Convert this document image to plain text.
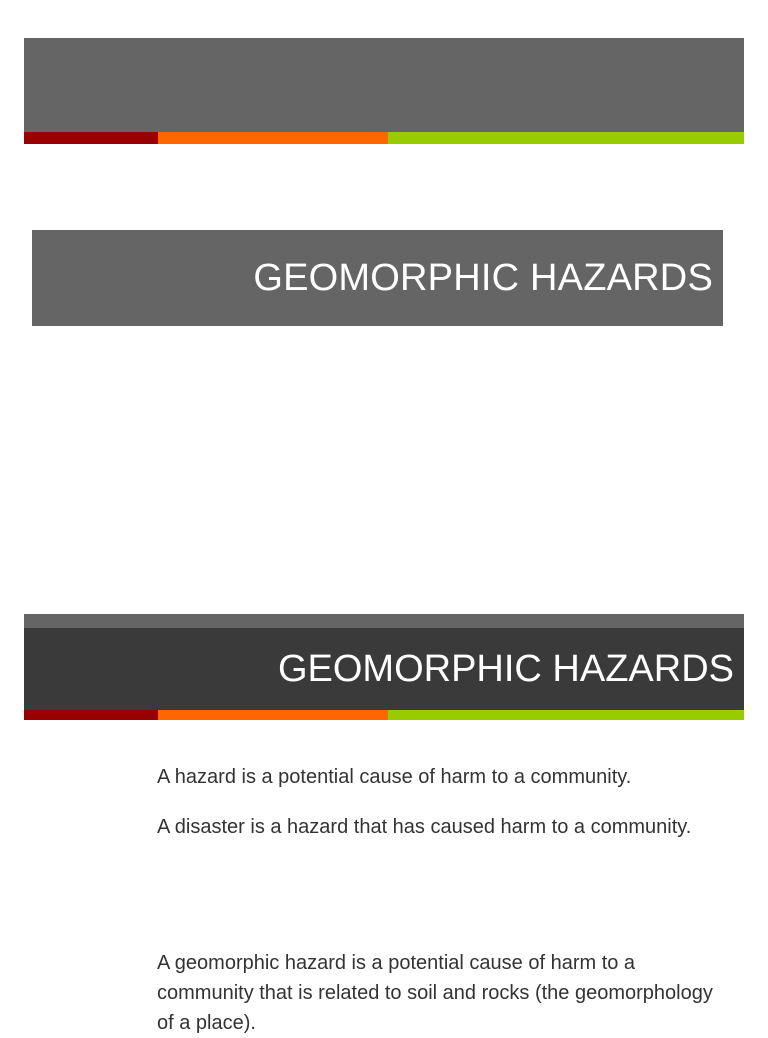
GEOMORPHIC HAZARDS
GEOMORPHIC HAZARDS

A hazard is a potential cause of harm to a community.

A disaster is a hazard that has caused harm to a community.

A geomorphic hazard is a potential cause of harm to a community that is related to soil and rocks (the geomorphology of a place).
